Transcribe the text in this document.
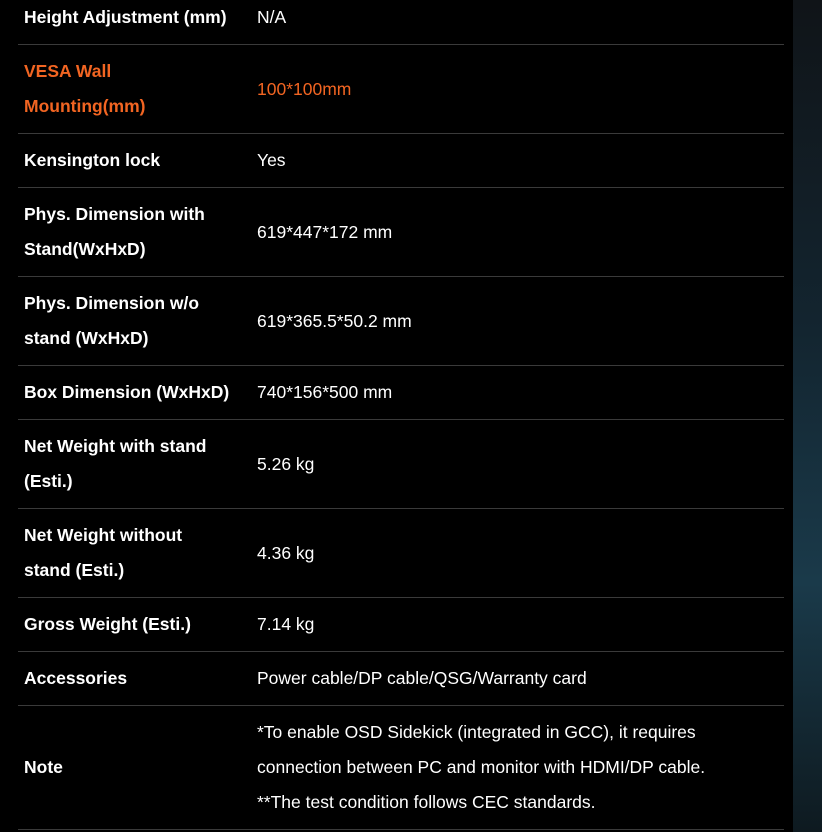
Height Adjustment (mm)	N/A

VESA Wall
Mounting(mm)	100*100mm

Kensington lock	Yes

Phys. Dimension with
Stand(WxHxD)	619*447*172 mm

Phys. Dimension w/o
stand (WxHxD)	619*365.5*50.2 mm

Box Dimension (WxHxD)	740*156*500 mm

Net Weight with stand
(Esti.)	5.26 kg

Net Weight without
stand (Esti.)	4.36 kg

Gross Weight (Esti.)	7.14 kg

Accessories	Power cable/DP cable/QSG/Warranty card

Note	*To enable OSD Sidekick (integrated in GCC), it requires
connection between PC and monitor with HDMI/DP cable.
**The test condition follows CEC standards.
